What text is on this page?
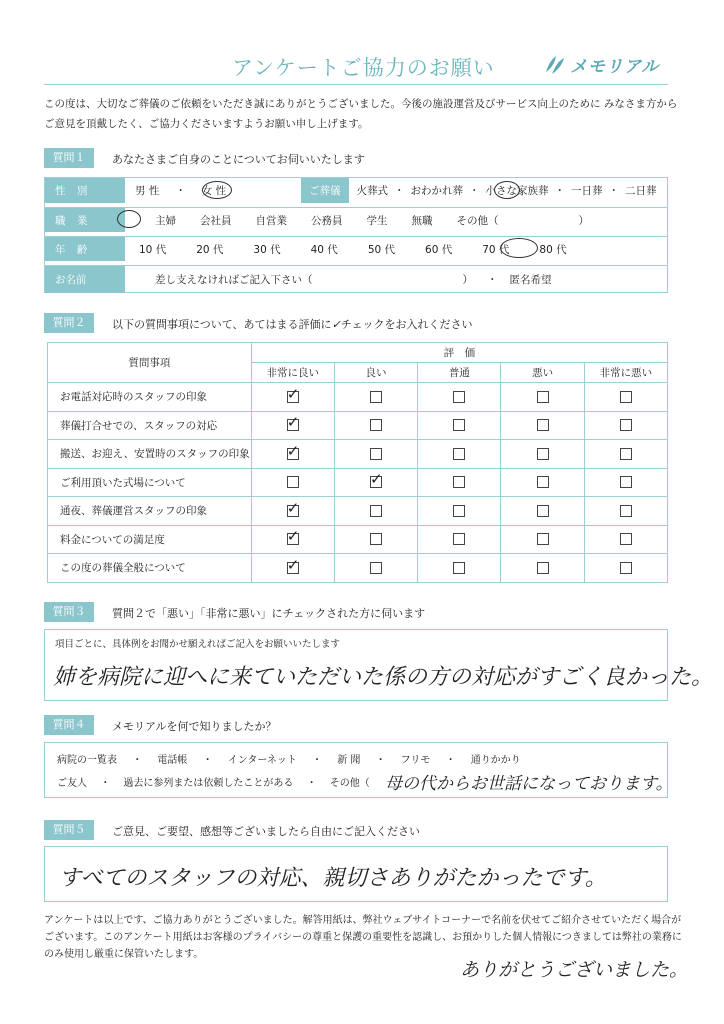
アンケートご協力のお願い	メモリアル
この度は、大切なご葬儀のご依頼をいただき誠にありがとうございました。今後の施設運営及びサービス向上のために みなさま方からご意見を頂戴したく、ご協力くださいますようお願い申し上げます。
質問１	あなたさまご自身のことについてお伺いいたします
性 別	男 性 ・ 女 性	ご葬儀	火葬式 ・ おわかれ葬 ・ 小さな家族葬 ・ 一日葬 ・ 二日葬
職 業	主婦 会社員 自営業 公務員 学生 無職 その他（	）
年 齢	10 代	20 代	30 代	40 代	50 代	60 代	70 代	80 代
お名前	差し支えなければご記入下さい（	） ・ 匿名希望
質問２	以下の質問事項について、あてはまる評価に✓チェックをお入れください
質問事項	評　価				
	非常に良い	良い	普通	悪い	非常に悪い
お電話対応時のスタッフの印象	✓				

葬儀打合せでの、スタッフの対応	✓				

搬送、お迎え、安置時のスタッフの印象	✓				

ご利用頂いた式場について		✓			

通夜、葬儀運営スタッフの印象	✓				

料金についての満足度	✓				

この度の葬儀全般について	✓				

質問３	質問２で「悪い」「非常に悪い」にチェックされた方に伺います
項目ごとに、具体例をお聞かせ願えればご記入をお願いいたします
姉を病院に迎へに来ていただいた係の方の対応がすごく良かった。
質問４	メモリアルを何で知りましたか？
病院の一覧表 ・ 電話帳 ・ インターネット ・ 新 聞 ・ フリモ ・ 通りかかり
ご友人 ・ 過去に参列または依頼したことがある ・ その他（ 母の代からお世話になっております。
質問５	ご意見、ご要望、感想等ございましたら自由にご記入ください
すべてのスタッフの対応、親切さありがたかったです。
アンケートは以上です、ご協力ありがとうございました。解答用紙は、弊社ウェブサイトコーナーで名前を伏せてご紹介させていただく場合がございます。このアンケート用紙はお客様のプライバシーの尊重と保護の重要性を認識し、お預かりした個人情報につきましては弊社の業務にのみ使用し厳重に保管いたします。
ありがとうございました。
